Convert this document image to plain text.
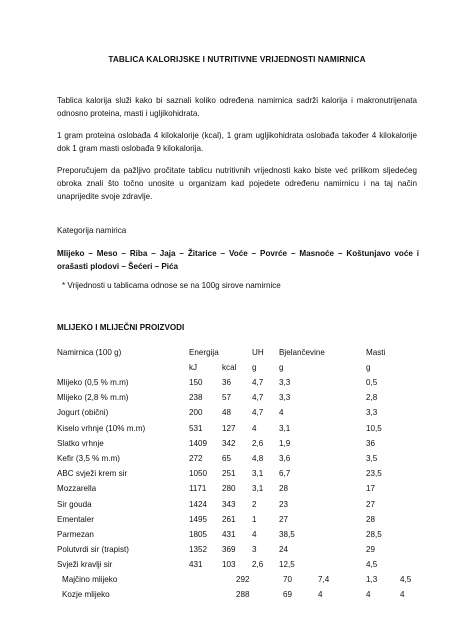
TABLICA KALORIJSKE I NUTRITIVNE VRIJEDNOSTI NAMIRNICA
Tablica kalorija služi kako bi saznali koliko određena namirnica sadrži kalorija i makronutrijenata odnosno proteina, masti i ugljikohidrata.
1 gram proteina oslobađa 4 kilokalorije (kcal), 1 gram ugljikohidrata oslobađa također 4 kilokalorije dok 1 gram masti oslobađa 9 kilokalorija.
Preporučujem da pažljivo pročitate tablicu nutritivnih vrijednosti kako biste već prilikom sljedećeg obroka znali što točno unosite u organizam kad pojedete određenu namirnicu i na taj način unaprijedite svoje zdravlje.
Kategorija namirica
Mlijeko – Meso – Riba – Jaja – Žitarice – Voće – Povrće – Masnoće – Koštunjavo voće i orašasti plodovi – Šećeri – Pića
* Vrijednosti u tablicama odnose se na 100g sirove namirnice
MLIJEKO I MLIJEČNI PROIZVODI
Namirnica (100 g)	Energija	UH Bjelančevine	Masti
kJ	kcal g	g	g
Mlijeko (0,5 % m.m)	150 36	4,7 3,3	0,5
Mlijeko (2,8 % m.m)	238 57	4,7 3,3	2,8
Jogurt (obični)	200 48	4,7 4	3,3
Kiselo vrhnje (10% m.m)	531 127 4	3,1	10,5
Slatko vrhnje	1409 342 2,6 1,9	36
Kefir (3,5 % m.m)	272 65	4,8 3,6	3,5
ABC svježi krem sir	1050 251 3,1 6,7	23,5
Mozzarella	1171 280 3,1 28	17
Sir gouda	1424 343 2	23	27
Ementaler	1495 261 1	27	28
Parmezan	1805 431 4	38,5	28,5
Polutvrdi sir (trapist)	1352 369 3	24	29
Svježi kravlji sir	431 103 2,6 12,5	4,5
Majčino mlijeko	292	70	7,4	1,3	4,5
Kozje mlijeko	288	69	4	4	4
